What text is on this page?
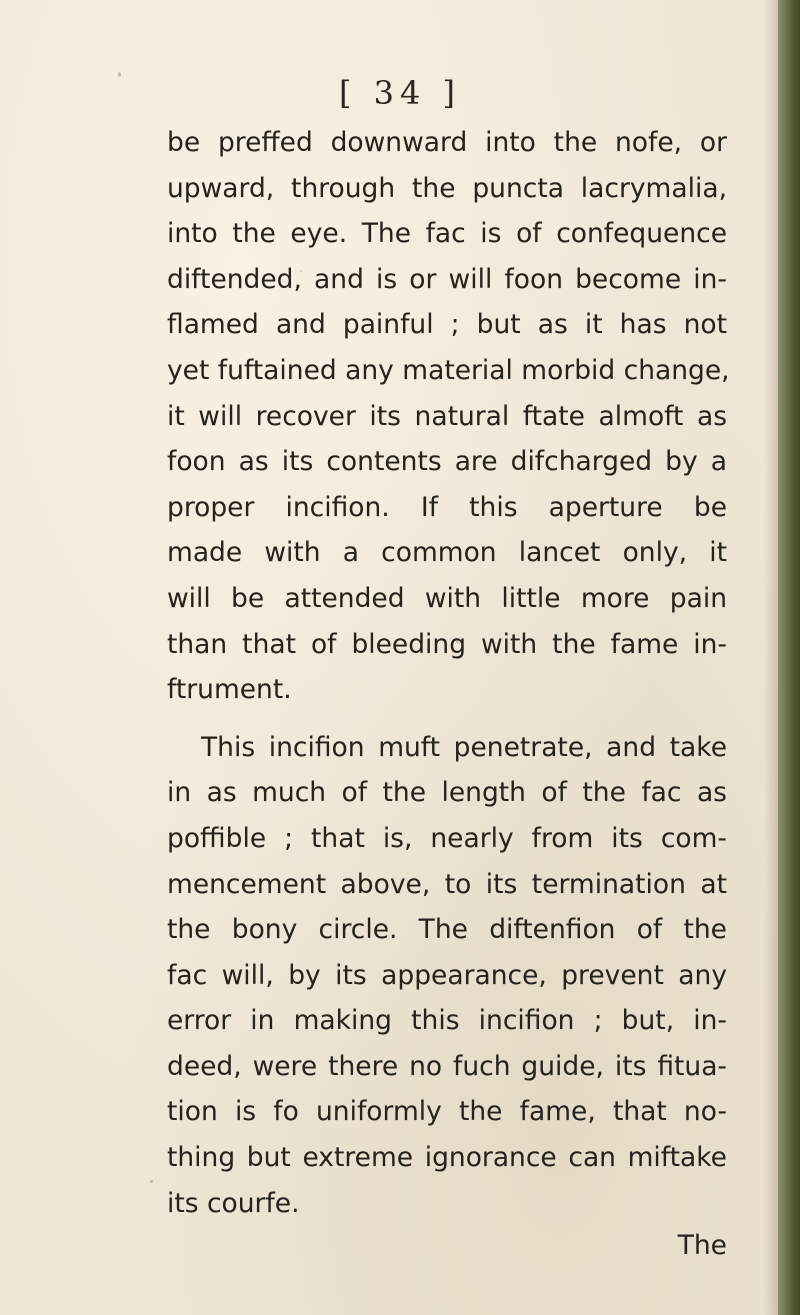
[ 34 ]
be preffed downward into the nofe, or
upward, through the puncta lacrymalia,
into the eye. The fac is of confequence
diftended, and is or will foon become in-
flamed and painful ; but as it has not
yet fuftained any material morbid change,
it will recover its natural ftate almoft as
foon as its contents are difcharged by a
proper incifion. If this aperture be
made with a common lancet only, it
will be attended with little more pain
than that of bleeding with the fame in-
ftrument.
This incifion muft penetrate, and take
in as much of the length of the fac as
poffible ; that is, nearly from its com-
mencement above, to its termination at
the bony circle. The diftenfion of the
fac will, by its appearance, prevent any
error in making this incifion ; but, in-
deed, were there no fuch guide, its fitua-
tion is fo uniformly the fame, that no-
thing but extreme ignorance can miftake
its courfe.
The
